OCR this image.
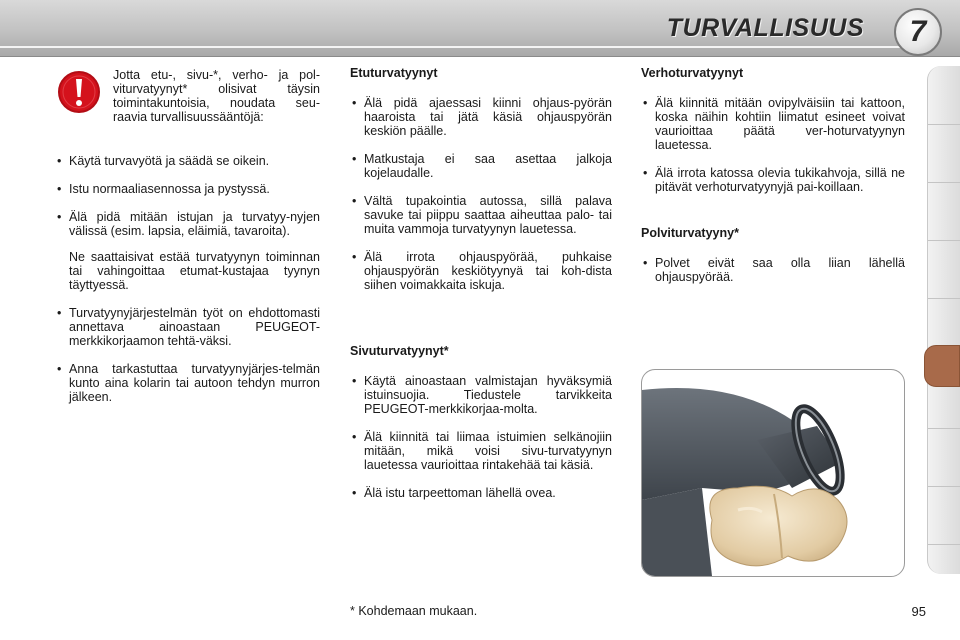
TURVALLISUUS	7
Jotta etu-, sivu-*, verho- ja pol-viturvatyynyt* olisivat täysin toimintakuntoisia, noudata seu-raavia turvallisuussääntöjä:
• Käytä turvavyötä ja säädä se oikein.
• Istu normaaliasennossa ja pystyssä.
• Älä pidä mitään istujan ja turvatyy-nyjen välissä (esim. lapsia, eläimiä, tavaroita).
Ne saattaisivat estää turvatyynyn toiminnan tai vahingoittaa etumat-kustajaa tyynyn täyttyessä.
• Turvatyynyjärjestelmän työt on ehdottomasti annettava ainoastaan PEUGEOT-merkkikorjaamon tehtä-väksi.
• Anna tarkastuttaa turvatyynyjärjes-telmän kunto aina kolarin tai autoon tehdyn murron jälkeen.
Etuturvatyynyt
• Älä pidä ajaessasi kiinni ohjaus-pyörän haaroista tai jätä käsiä ohjauspyörän keskiön päälle.
• Matkustaja ei saa asettaa jalkoja kojelaudalle.
• Vältä tupakointia autossa, sillä palava savuke tai piippu saattaa aiheuttaa palo- tai muita vammoja turvatyynyn lauetessa.
• Älä irrota ohjauspyörää, puhkaise ohjauspyörän keskiötyynyä tai koh-dista siihen voimakkaita iskuja.
Sivuturvatyynyt*
• Käytä ainoastaan valmistajan hyväksymiä istuinsuojia. Tiedustele tarvikkeita PEUGEOT-merkkikorjaa-molta.
• Älä kiinnitä tai liimaa istuimien selkänojiin mitään, mikä voisi sivu-turvatyynyn lauetessa vaurioittaa rintakehää tai käsiä.
• Älä istu tarpeettoman lähellä ovea.
Verhoturvatyynyt
• Älä kiinnitä mitään ovipylväisiin tai kattoon, koska näihin kohtiin liimatut esineet voivat vaurioittaa päätä ver-hoturvatyynyn lauetessa.
• Älä irrota katossa olevia tukikahvoja, sillä ne pitävät verhoturvatyynyjä pai-koillaan.
Polviturvatyyny*
• Polvet eivät saa olla liian lähellä ohjauspyörää.
* Kohdemaan mukaan.	95
